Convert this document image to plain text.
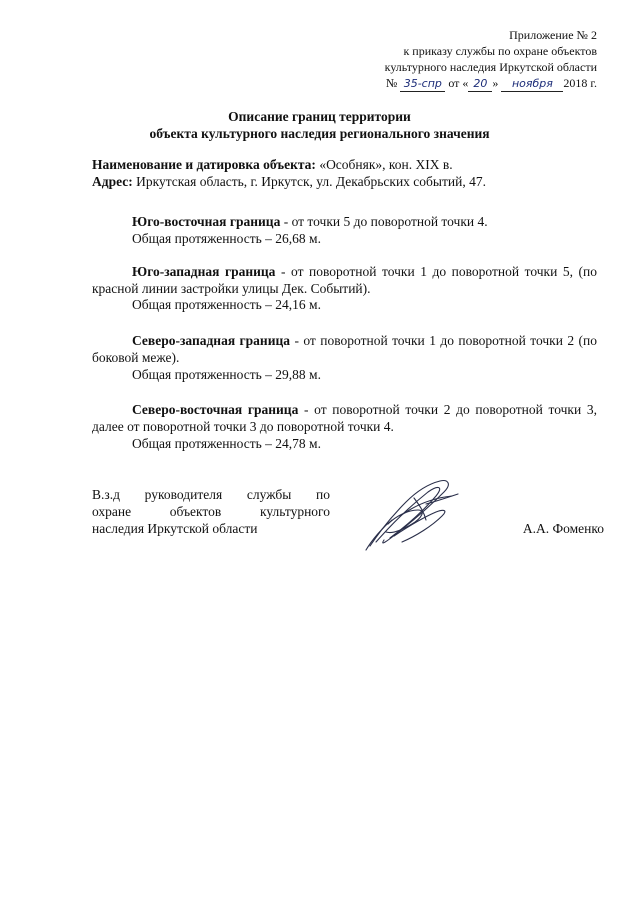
Приложение № 2
к приказу службы по охране объектов
культурного наследия Иркутской области
№ 35-спр от « 20 » ноября 2018 г.
Описание границ территории
объекта культурного наследия регионального значения
Наименование и датировка объекта: «Особняк», кон. XIX в.
Адрес: Иркутская область, г. Иркутск, ул. Декабрьских событий, 47.
Юго-восточная граница - от точки 5 до поворотной точки 4.
Общая протяженность – 26,68 м.
Юго-западная граница - от поворотной точки 1 до поворотной точки 5, (по красной линии застройки улицы Дек. Событий).
Общая протяженность – 24,16 м.
Северо-западная граница - от поворотной точки 1 до поворотной точки 2 (по боковой меже).
Общая протяженность – 29,88 м.
Северо-восточная граница - от поворотной точки 2 до поворотной точки 3, далее от поворотной точки 3 до поворотной точки 4.
Общая протяженность – 24,78 м.
В.з.д руководителя службы по
охране объектов культурного
наследия Иркутской области	А.А. Фоменко
